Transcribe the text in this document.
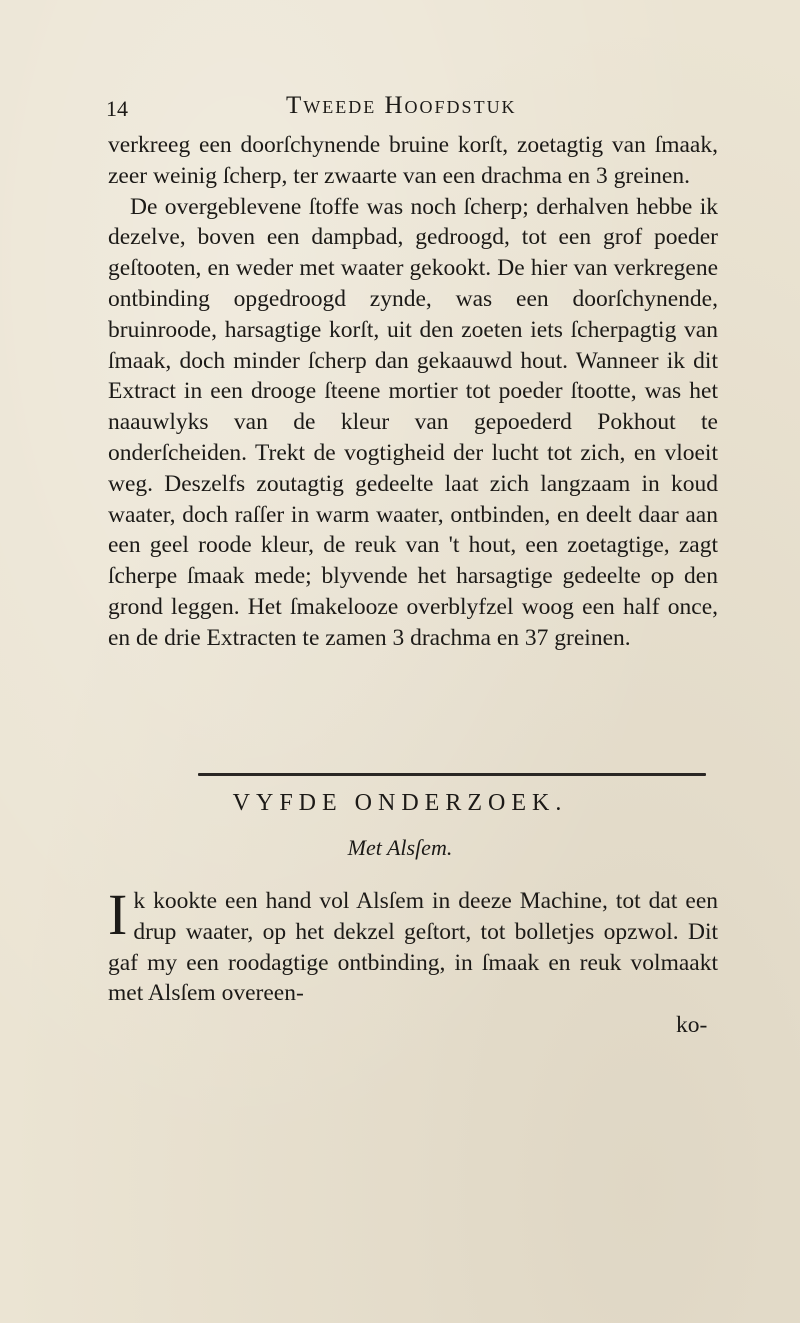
14	Tweede Hoofdstuk

verkreeg een doorſchynende bruine korſt, zoetagtig van ſmaak, zeer weinig ſcherp, ter zwaarte van een drachma en 3 greinen.

De overgeblevene ſtoffe was noch ſcherp; derhalven hebbe ik dezelve, boven een dampbad, gedroogd, tot een grof poeder geſtooten, en weder met waater gekookt. De hier van verkregene ontbinding opgedroogd zynde, was een doorſchynende, bruinroode, harsagtige korſt, uit den zoeten iets ſcherpagtig van ſmaak, doch minder ſcherp dan gekaauwd hout. Wanneer ik dit Extract in een drooge ſteene mortier tot poeder ſtootte, was het naauwlyks van de kleur van gepoederd Pokhout te onderſcheiden. Trekt de vogtigheid der lucht tot zich, en vloeit weg. Deszelfs zoutagtig gedeelte laat zich langzaam in koud waater, doch raſſer in warm waater, ontbinden, en deelt daar aan een geel roode kleur, de reuk van 't hout, een zoetagtige, zagt ſcherpe ſmaak mede; blyvende het harsagtige gedeelte op den grond leggen. Het ſmakelooze overblyfzel woog een half once, en de drie Extracten te zamen 3 drachma en 37 greinen.

VYFDE ONDERZOEK.
Met Alsſem.

Ik kookte een hand vol Alsſem in deeze Machine, tot dat een drup waater, op het dekzel geſtort, tot bolletjes opzwol. Dit gaf my een roodagtige ontbinding, in ſmaak en reuk volmaakt met Alsſem overeen-

ko-
